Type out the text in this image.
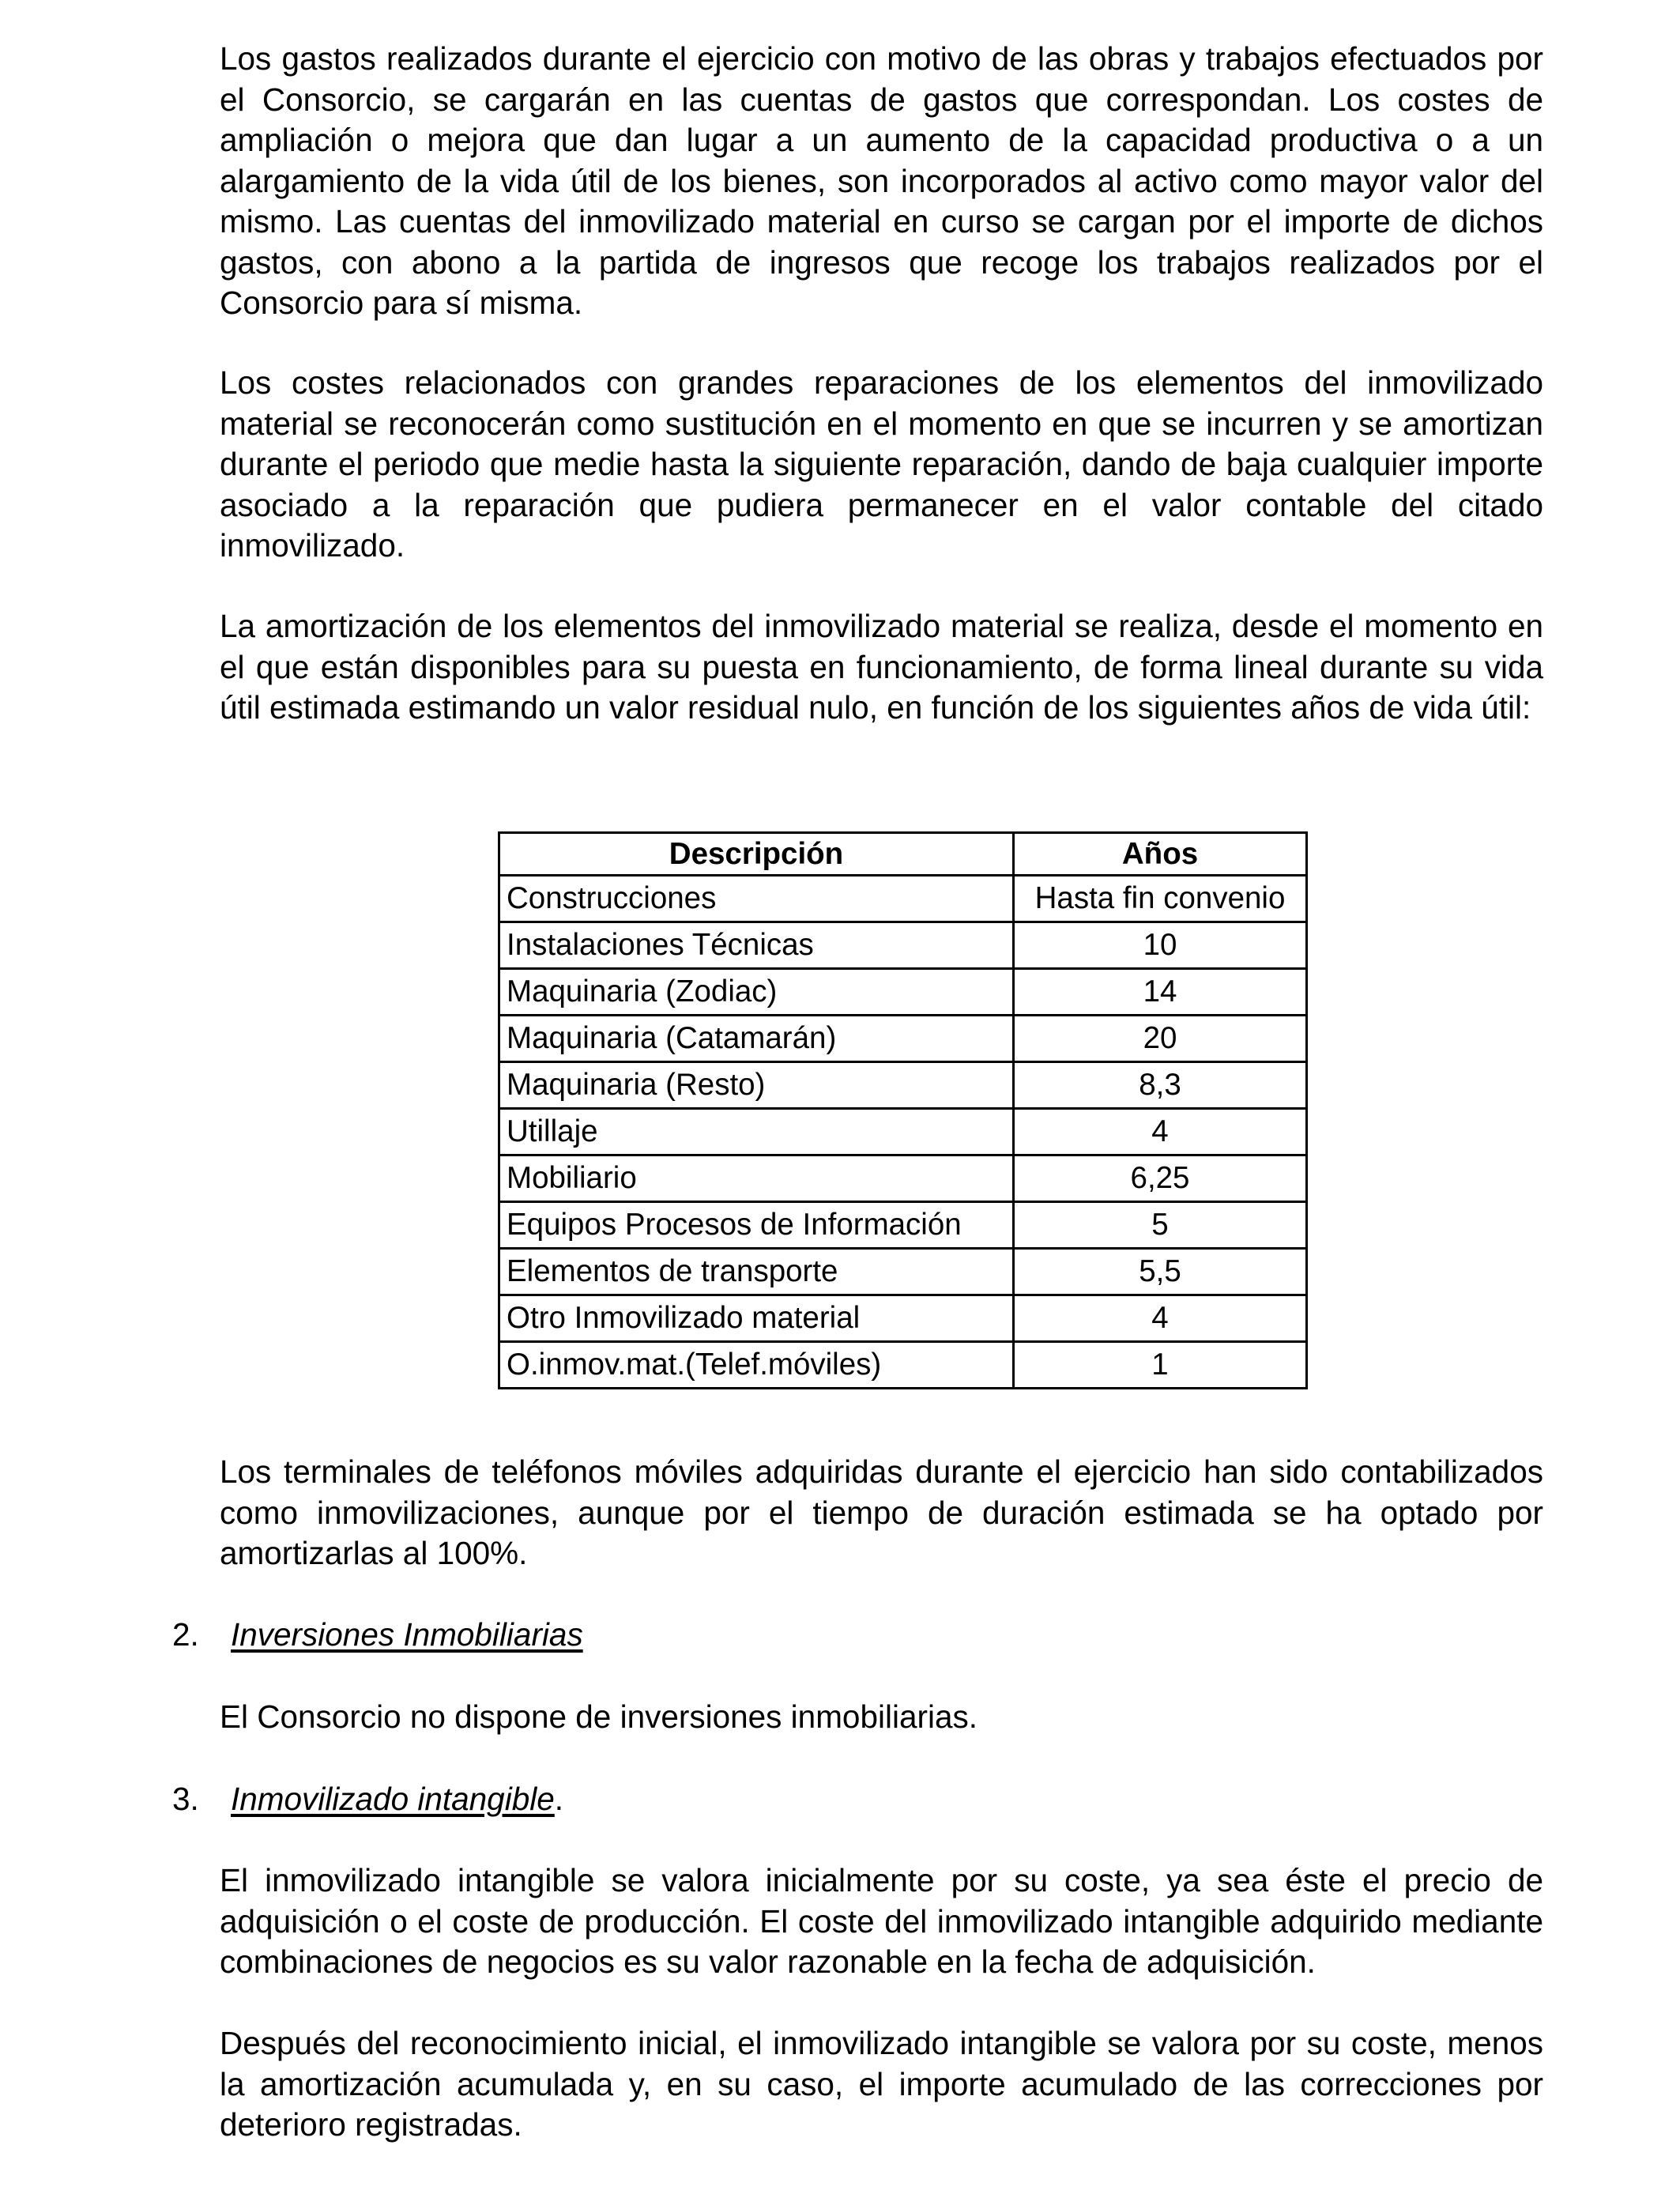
Los gastos realizados durante el ejercicio con motivo de las obras y trabajos efectuados por el Consorcio, se cargarán en las cuentas de gastos que correspondan. Los costes de ampliación o mejora que dan lugar a un aumento de la capacidad productiva o a un alargamiento de la vida útil de los bienes, son incorporados al activo como mayor valor del mismo. Las cuentas del inmovilizado material en curso se cargan por el importe de dichos gastos, con abono a la partida de ingresos que recoge los trabajos realizados por el Consorcio para sí misma.

Los costes relacionados con grandes reparaciones de los elementos del inmovilizado material se reconocerán como sustitución en el momento en que se incurren y se amortizan durante el periodo que medie hasta la siguiente reparación, dando de baja cualquier importe asociado a la reparación que pudiera permanecer en el valor contable del citado inmovilizado.

La amortización de los elementos del inmovilizado material se realiza, desde el momento en el que están disponibles para su puesta en funcionamiento, de forma lineal durante su vida útil estimada estimando un valor residual nulo, en función de los siguientes años de vida útil:

Descripción	Años
Construcciones	Hasta fin convenio
Instalaciones Técnicas	10
Maquinaria (Zodiac)	14
Maquinaria (Catamarán)	20
Maquinaria (Resto)	8,3
Utillaje	4
Mobiliario	6,25
Equipos Procesos de Información	5
Elementos de transporte	5,5
Otro Inmovilizado material	4
O.inmov.mat.(Telef.móviles)	1

Los terminales de teléfonos móviles adquiridas durante el ejercicio han sido contabilizados como inmovilizaciones, aunque por el tiempo de duración estimada se ha optado por amortizarlas al 100%.

2. Inversiones Inmobiliarias

El Consorcio no dispone de inversiones inmobiliarias.

3. Inmovilizado intangible.

El inmovilizado intangible se valora inicialmente por su coste, ya sea éste el precio de adquisición o el coste de producción. El coste del inmovilizado intangible adquirido mediante combinaciones de negocios es su valor razonable en la fecha de adquisición.

Después del reconocimiento inicial, el inmovilizado intangible se valora por su coste, menos la amortización acumulada y, en su caso, el importe acumulado de las correcciones por deterioro registradas.
